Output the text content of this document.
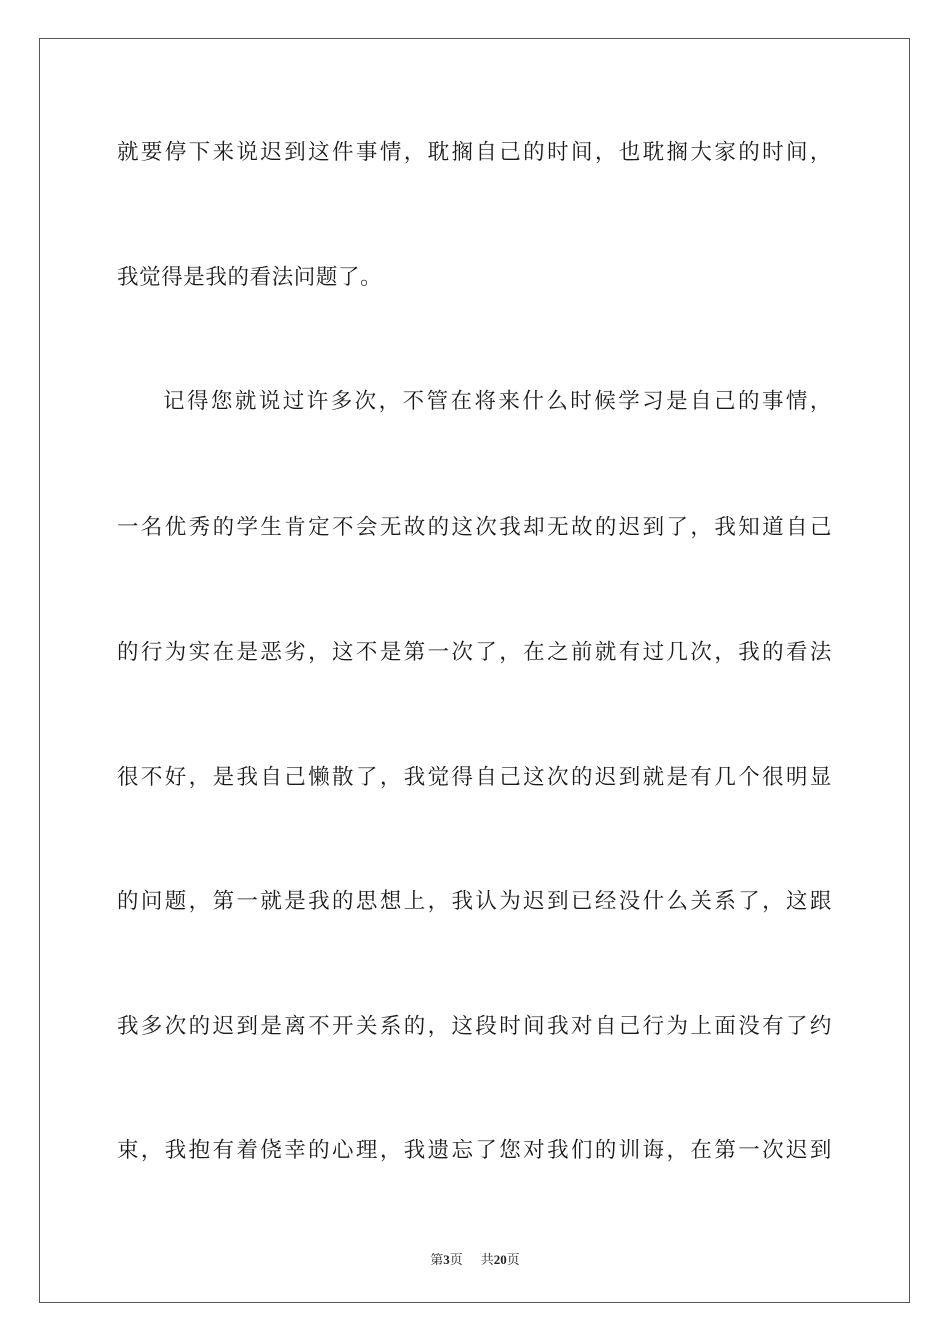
就要停下来说迟到这件事情，耽搁自己的时间，也耽搁大家的时间，

我觉得是我的看法问题了。

记得您就说过许多次，不管在将来什么时候学习是自己的事情，

一名优秀的学生肯定不会无故的这次我却无故的迟到了，我知道自己

的行为实在是恶劣，这不是第一次了，在之前就有过几次，我的看法

很不好，是我自己懒散了，我觉得自己这次的迟到就是有几个很明显

的问题，第一就是我的思想上，我认为迟到已经没什么关系了，这跟

我多次的迟到是离不开关系的，这段时间我对自己行为上面没有了约

束，我抱有着侥幸的心理，我遗忘了您对我们的训诲，在第一次迟到

第3页 共20页
